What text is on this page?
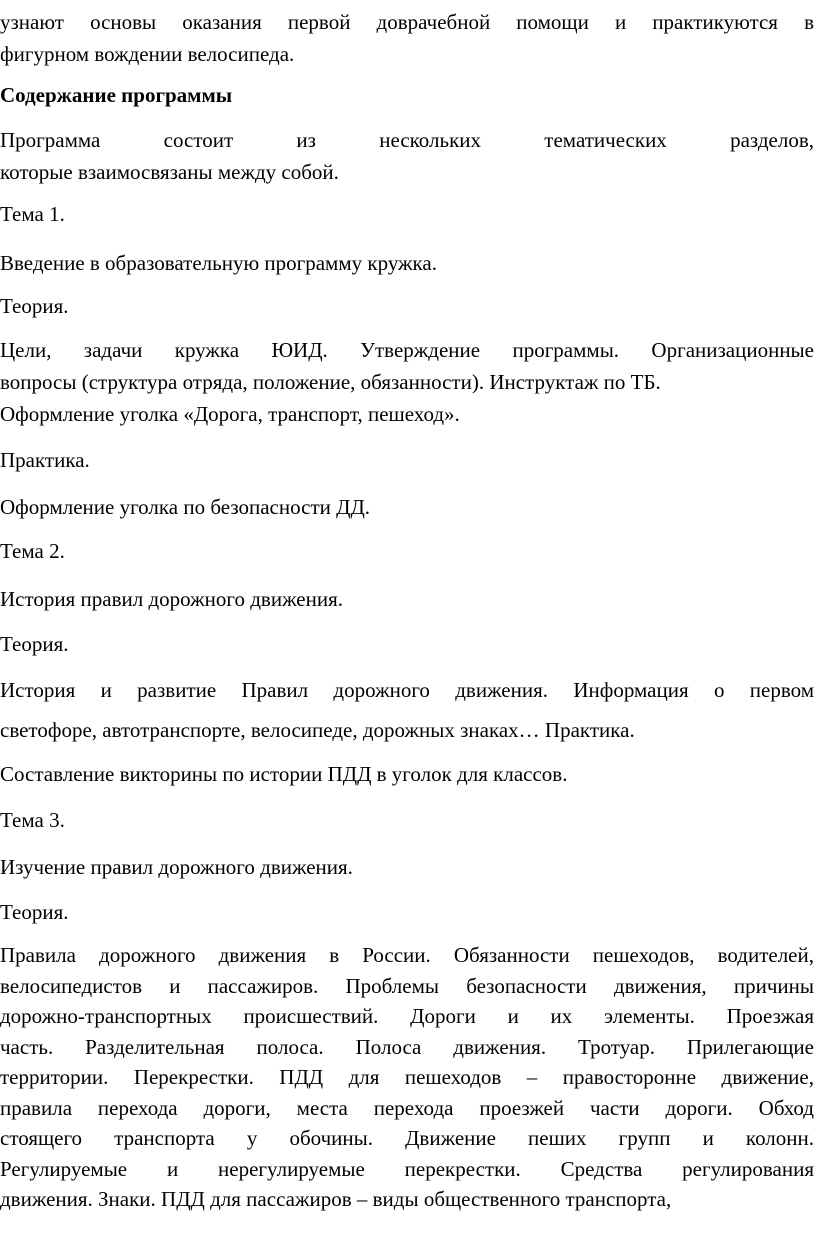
узнают основы оказания первой доврачебной помощи и практикуются в
фигурном вождении велосипеда.
Содержание программы
Программа состоит из нескольких тематических разделов,
которые взаимосвязаны между собой.
Тема 1.
Введение в образовательную программу кружка.
Теория.
Цели, задачи кружка ЮИД. Утверждение программы. Организационные
вопросы (структура отряда, положение, обязанности). Инструктаж по ТБ.
Оформление уголка «Дорога, транспорт, пешеход».
Практика.
Оформление уголка по безопасности ДД.
Тема 2.
История правил дорожного движения.
Теория.
История и развитие Правил дорожного движения. Информация о первом
светофоре, автотранспорте, велосипеде, дорожных знаках… Практика.
Составление викторины по истории ПДД в уголок для классов.
Тема 3.
Изучение правил дорожного движения.
Теория.
Правила дорожного движения в России. Обязанности пешеходов, водителей,
велосипедистов и пассажиров. Проблемы безопасности движения, причины
дорожно-транспортных происшествий. Дороги и их элементы. Проезжая
часть. Разделительная полоса. Полоса движения. Тротуар. Прилегающие
территории. Перекрестки. ПДД для пешеходов – правосторонне движение,
правила перехода дороги, места перехода проезжей части дороги. Обход
стоящего транспорта у обочины. Движение пеших групп и колонн.
Регулируемые и нерегулируемые перекрестки. Средства регулирования
движения. Знаки. ПДД для пассажиров – виды общественного транспорта,
